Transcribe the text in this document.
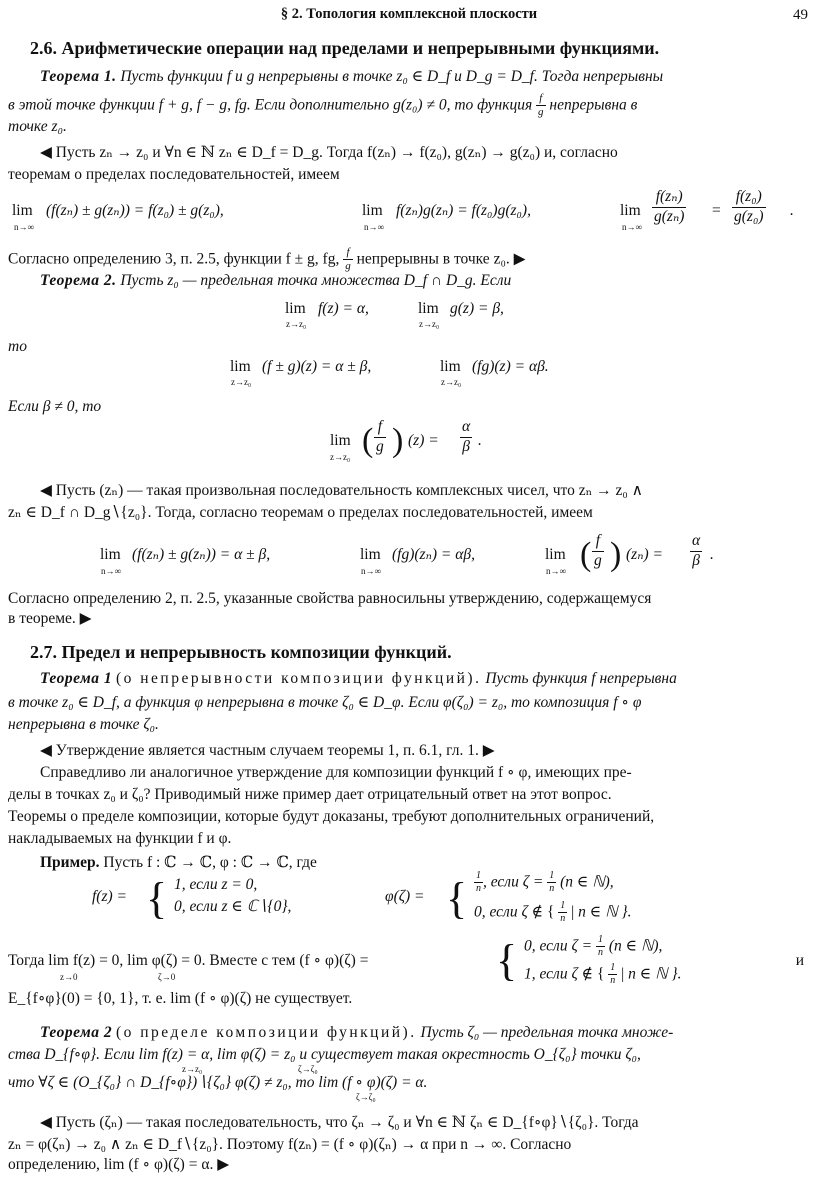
§ 2. Топология комплексной плоскости	49
2.6. Арифметические операции над пределами и непрерывными функциями.
Теорема 1. Пусть функции f и g непрерывны в точке z₀ ∈ D_f и D_g = D_f. Тогда непрерывны
в этой точке функции f + g, f − g, fg. Если дополнительно g(z₀) ≠ 0, то функция $\frac{f}{g}$ непрерывна в
точке z₀.
◀ Пусть zₙ → z₀ и ∀n ∈ ℕ zₙ ∈ D_f = D_g. Тогда f(zₙ) → f(z₀), g(zₙ) → g(z₀) и, согласно
теоремам о пределах последовательностей, имеем
lim
n→∞
(f(zₙ) ± g(zₙ)) = f(z₀) ± g(z₀),	lim
n→∞
f(zₙ)g(zₙ) = f(z₀)g(z₀),	lim
n→∞
$\frac{\text{f(zₙ)}}{\text{g(zₙ)}} = \frac{\text{f(z₀)}}{\text{g(z₀)}}$ .
Согласно определению 3, п. 2.5, функции f ± g, fg, $\frac{f}{g}$ непрерывны в точке z₀. ▶
Теорема 2. Пусть z₀ — предельная точка множества D_f ∩ D_g. Если
lim
z→z₀
f(z) = α,	lim
z→z₀
g(z) = β,
то
lim
z→z₀
(f ± g)(z) = α ± β,	lim
z→z₀
(fg)(z) = αβ.
Если β ≠ 0, то
lim
z→z₀ ( $\frac{f}{g}$ ) $(z) = \frac{\alpha}{\beta}$ .
◀ Пусть (zₙ) — такая произвольная последовательность комплексных чисел, что zₙ → z₀ ∧
zₙ ∈ D_f ∩ D_g∖{z₀}. Тогда, согласно теоремам о пределах последовательностей, имеем
lim
n→∞
(f(zₙ) ± g(zₙ)) = α ± β,	lim
n→∞
(fg)(zₙ) = αβ,	lim
n→∞ ( $\frac{f}{g}$ ) $(z_n) = \frac{\alpha}{\beta}$ .
Согласно определению 2, п. 2.5, указанные свойства равносильны утверждению, содержащемуся
в теореме. ▶
2.7. Предел и непрерывность композиции функций.
Теорема 1 (о непрерывности композиции функций). Пусть функция f непрерывна
в точке z₀ ∈ D_f, а функция φ непрерывна в точке ζ₀ ∈ D_φ. Если φ(ζ₀) = z₀, то композиция f ∘ φ
непрерывна в точке ζ₀.
◀ Утверждение является частным случаем теоремы 1, п. 6.1, гл. 1. ▶
Справедливо ли аналогичное утверждение для композиции функций f ∘ φ, имеющих пре-
делы в точках z₀ и ζ₀? Приводимый ниже пример дает отрицательный ответ на этот вопрос.
Теоремы о пределе композиции, которые будут доказаны, требуют дополнительных ограничений,
накладываемых на функции f и φ.
Пример. Пусть f : ℂ → ℂ, φ : ℂ → ℂ, где
f(z) = { 1, если z = 0,
0, если z ∈ ℂ∖{0},
φ(ζ) = { $\frac{1}{n}$ , если $\zeta = \frac{1}{n} (n$ ∈ ℕ),
0, если ζ ∉ { $\frac{1}{n}$ | n ∈ ℕ }.
Тогда lim f(z) = 0, lim φ(ζ) = 0. Вместе с тем (f ∘ φ)(ζ) =
z→0	ζ→0	{ 0, если $\zeta = \frac{1}{n} (n$ ∈ ℕ),
1, если ζ ∉ { $\frac{1}{n}$ | n ∈ ℕ }.
и
E_{f∘φ}(0) = {0, 1}, т. е. lim (f ∘ φ)(ζ) не существует.
Теорема 2 (о пределе композиции функций). Пусть ζ₀ — предельная точка множе-
ства D_{f∘φ}. Если lim f(z) = α, lim φ(ζ) = z₀ и существует такая окрестность O_{ζ₀} точки ζ₀,
z→z₀	ζ→ζ₀
что ∀ζ ∈ (O_{ζ₀} ∩ D_{f∘φ})∖{ζ₀} φ(ζ) ≠ z₀, то lim (f ∘ φ)(ζ) = α.
ζ→ζ₀
◀ Пусть (ζₙ) — такая последовательность, что ζₙ → ζ₀ и ∀n ∈ ℕ ζₙ ∈ D_{f∘φ}∖{ζ₀}. Тогда
zₙ = φ(ζₙ) → z₀ ∧ zₙ ∈ D_f∖{z₀}. Поэтому f(zₙ) = (f ∘ φ)(ζₙ) → α при n → ∞. Согласно
определению, lim (f ∘ φ)(ζ) = α. ▶
